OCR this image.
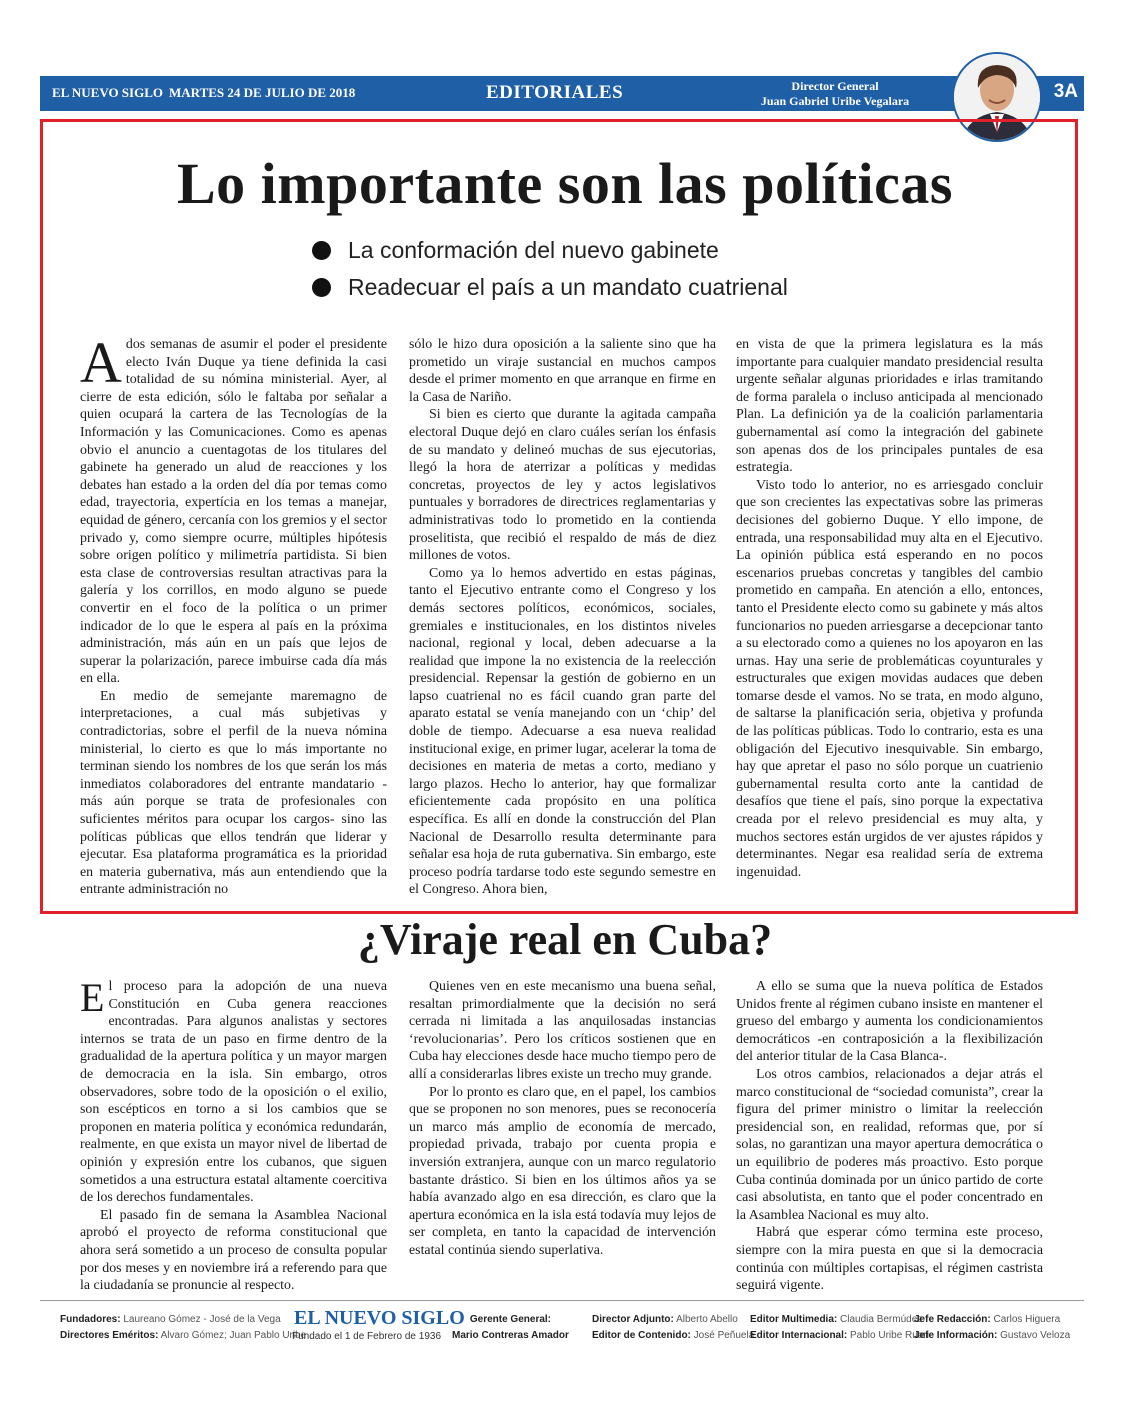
EL NUEVO SIGLO MARTES 24 DE JULIO DE 2018	EDITORIALES	Director General
Juan Gabriel Uribe Vegalara	3A
Lo importante son las políticas
La conformación del nuevo gabinete
Readecuar el país a un mandato cuatrienal

A dos semanas de asumir el poder el presidente electo Iván Duque ya tiene definida la casi totalidad de su nómina ministerial. Ayer, al cierre de esta edición, sólo le faltaba por señalar a quien ocupará la cartera de las Tecnologías de la Información y las Comunicaciones. Como es apenas obvio el anuncio a cuentagotas de los titulares del gabinete ha generado un alud de reacciones y los debates han estado a la orden del día por temas como edad, trayectoria, expertícia en los temas a manejar, equidad de género, cercanía con los gremios y el sector privado y, como siempre ocurre, múltiples hipótesis sobre origen político y milimetría partidista. Si bien esta clase de controversias resultan atractivas para la galería y los corrillos, en modo alguno se puede convertir en el foco de la política o un primer indicador de lo que le espera al país en la próxima administración, más aún en un país que lejos de superar la polarización, parece imbuirse cada día más en ella.

En medio de semejante maremagno de interpretaciones, a cual más subjetivas y contradictorias, sobre el perfil de la nueva nómina ministerial, lo cierto es que lo más importante no terminan siendo los nombres de los que serán los más inmediatos colaboradores del entrante mandatario -más aún porque se trata de profesionales con suficientes méritos para ocupar los cargos- sino las políticas públicas que ellos tendrán que liderar y ejecutar. Esa plataforma programática es la prioridad en materia gubernativa, más aun entendiendo que la entrante administración no

sólo le hizo dura oposición a la saliente sino que ha prometido un viraje sustancial en muchos campos desde el primer momento en que arranque en firme en la Casa de Nariño.

Si bien es cierto que durante la agitada campaña electoral Duque dejó en claro cuáles serían los énfasis de su mandato y delineó muchas de sus ejecutorias, llegó la hora de aterrizar a políticas y medidas concretas, proyectos de ley y actos legislativos puntuales y borradores de directrices reglamentarias y administrativas todo lo prometido en la contienda proselitista, que recibió el respaldo de más de diez millones de votos.

Como ya lo hemos advertido en estas páginas, tanto el Ejecutivo entrante como el Congreso y los demás sectores políticos, económicos, sociales, gremiales e institucionales, en los distintos niveles nacional, regional y local, deben adecuarse a la realidad que impone la no existencia de la reelección presidencial. Repensar la gestión de gobierno en un lapso cuatrienal no es fácil cuando gran parte del aparato estatal se venía manejando con un ‘chip’ del doble de tiempo. Adecuarse a esa nueva realidad institucional exige, en primer lugar, acelerar la toma de decisiones en materia de metas a corto, mediano y largo plazos. Hecho lo anterior, hay que formalizar eficientemente cada propósito en una política específica. Es allí en donde la construcción del Plan Nacional de Desarrollo resulta determinante para señalar esa hoja de ruta gubernativa. Sin embargo, este proceso podría tardarse todo este segundo semestre en el Congreso. Ahora bien,

en vista de que la primera legislatura es la más importante para cualquier mandato presidencial resulta urgente señalar algunas prioridades e irlas tramitando de forma paralela o incluso anticipada al mencionado Plan. La definición ya de la coalición parlamentaria gubernamental así como la integración del gabinete son apenas dos de los principales puntales de esa estrategia.

Visto todo lo anterior, no es arriesgado concluir que son crecientes las expectativas sobre las primeras decisiones del gobierno Duque. Y ello impone, de entrada, una responsabilidad muy alta en el Ejecutivo. La opinión pública está esperando en no pocos escenarios pruebas concretas y tangibles del cambio prometido en campaña. En atención a ello, entonces, tanto el Presidente electo como su gabinete y más altos funcionarios no pueden arriesgarse a decepcionar tanto a su electorado como a quienes no los apoyaron en las urnas. Hay una serie de problemáticas coyunturales y estructurales que exigen movidas audaces que deben tomarse desde el vamos. No se trata, en modo alguno, de saltarse la planificación seria, objetiva y profunda de las políticas públicas. Todo lo contrario, esta es una obligación del Ejecutivo inesquivable. Sin embargo, hay que apretar el paso no sólo porque un cuatrienio gubernamental resulta corto ante la cantidad de desafíos que tiene el país, sino porque la expectativa creada por el relevo presidencial es muy alta, y muchos sectores están urgidos de ver ajustes rápidos y determinantes. Negar esa realidad sería de extrema ingenuidad.

¿Viraje real en Cuba?

El proceso para la adopción de una nueva Constitución en Cuba genera reacciones encontradas. Para algunos analistas y sectores internos se trata de un paso en firme dentro de la gradualidad de la apertura política y un mayor margen de democracia en la isla. Sin embargo, otros observadores, sobre todo de la oposición o el exilio, son escépticos en torno a si los cambios que se proponen en materia política y económica redundarán, realmente, en que exista un mayor nivel de libertad de opinión y expresión entre los cubanos, que siguen sometidos a una estructura estatal altamente coercitiva de los derechos fundamentales.

El pasado fin de semana la Asamblea Nacional aprobó el proyecto de reforma constitucional que ahora será sometido a un proceso de consulta popular por dos meses y en noviembre irá a referendo para que la ciudadanía se pronuncie al respecto.

Quienes ven en este mecanismo una buena señal, resaltan primordialmente que la decisión no será cerrada ni limitada a las anquilosadas instancias ‘revolucionarias’. Pero los críticos sostienen que en Cuba hay elecciones desde hace mucho tiempo pero de allí a considerarlas libres existe un trecho muy grande.

Por lo pronto es claro que, en el papel, los cambios que se proponen no son menores, pues se reconocería un marco más amplio de economía de mercado, propiedad privada, trabajo por cuenta propia e inversión extranjera, aunque con un marco regulatorio bastante drástico. Si bien en los últimos años ya se había avanzado algo en esa dirección, es claro que la apertura económica en la isla está todavía muy lejos de ser completa, en tanto la capacidad de intervención estatal continúa siendo superlativa.

A ello se suma que la nueva política de Estados Unidos frente al régimen cubano insiste en mantener el grueso del embargo y aumenta los condicionamientos democráticos -en contraposición a la flexibilización del anterior titular de la Casa Blanca-.

Los otros cambios, relacionados a dejar atrás el marco constitucional de “sociedad comunista”, crear la figura del primer ministro o limitar la reelección presidencial son, en realidad, reformas que, por sí solas, no garantizan una mayor apertura democrática o un equilibrio de poderes más proactivo. Esto porque Cuba continúa dominada por un único partido de corte casi absolutista, en tanto que el poder concentrado en la Asamblea Nacional es muy alto.

Habrá que esperar cómo termina este proceso, siempre con la mira puesta en que si la democracia continúa con múltiples cortapisas, el régimen castrista seguirá vigente.

Fundadores: Laureano Gómez - José de la Vega
Directores Eméritos: Alvaro Gómez; Juan Pablo Uribe
EL NUEVO SIGLO
Fundado el 1 de Febrero de 1936
Gerente General:
Mario Contreras Amador
Director Adjunto: Alberto Abello
Editor de Contenido: José Peñuela
Editor Multimedia: Claudia Bermúdez
Editor Internacional: Pablo Uribe Ruan
Jefe Redacción: Carlos Higuera
Jefe Información: Gustavo Veloza
